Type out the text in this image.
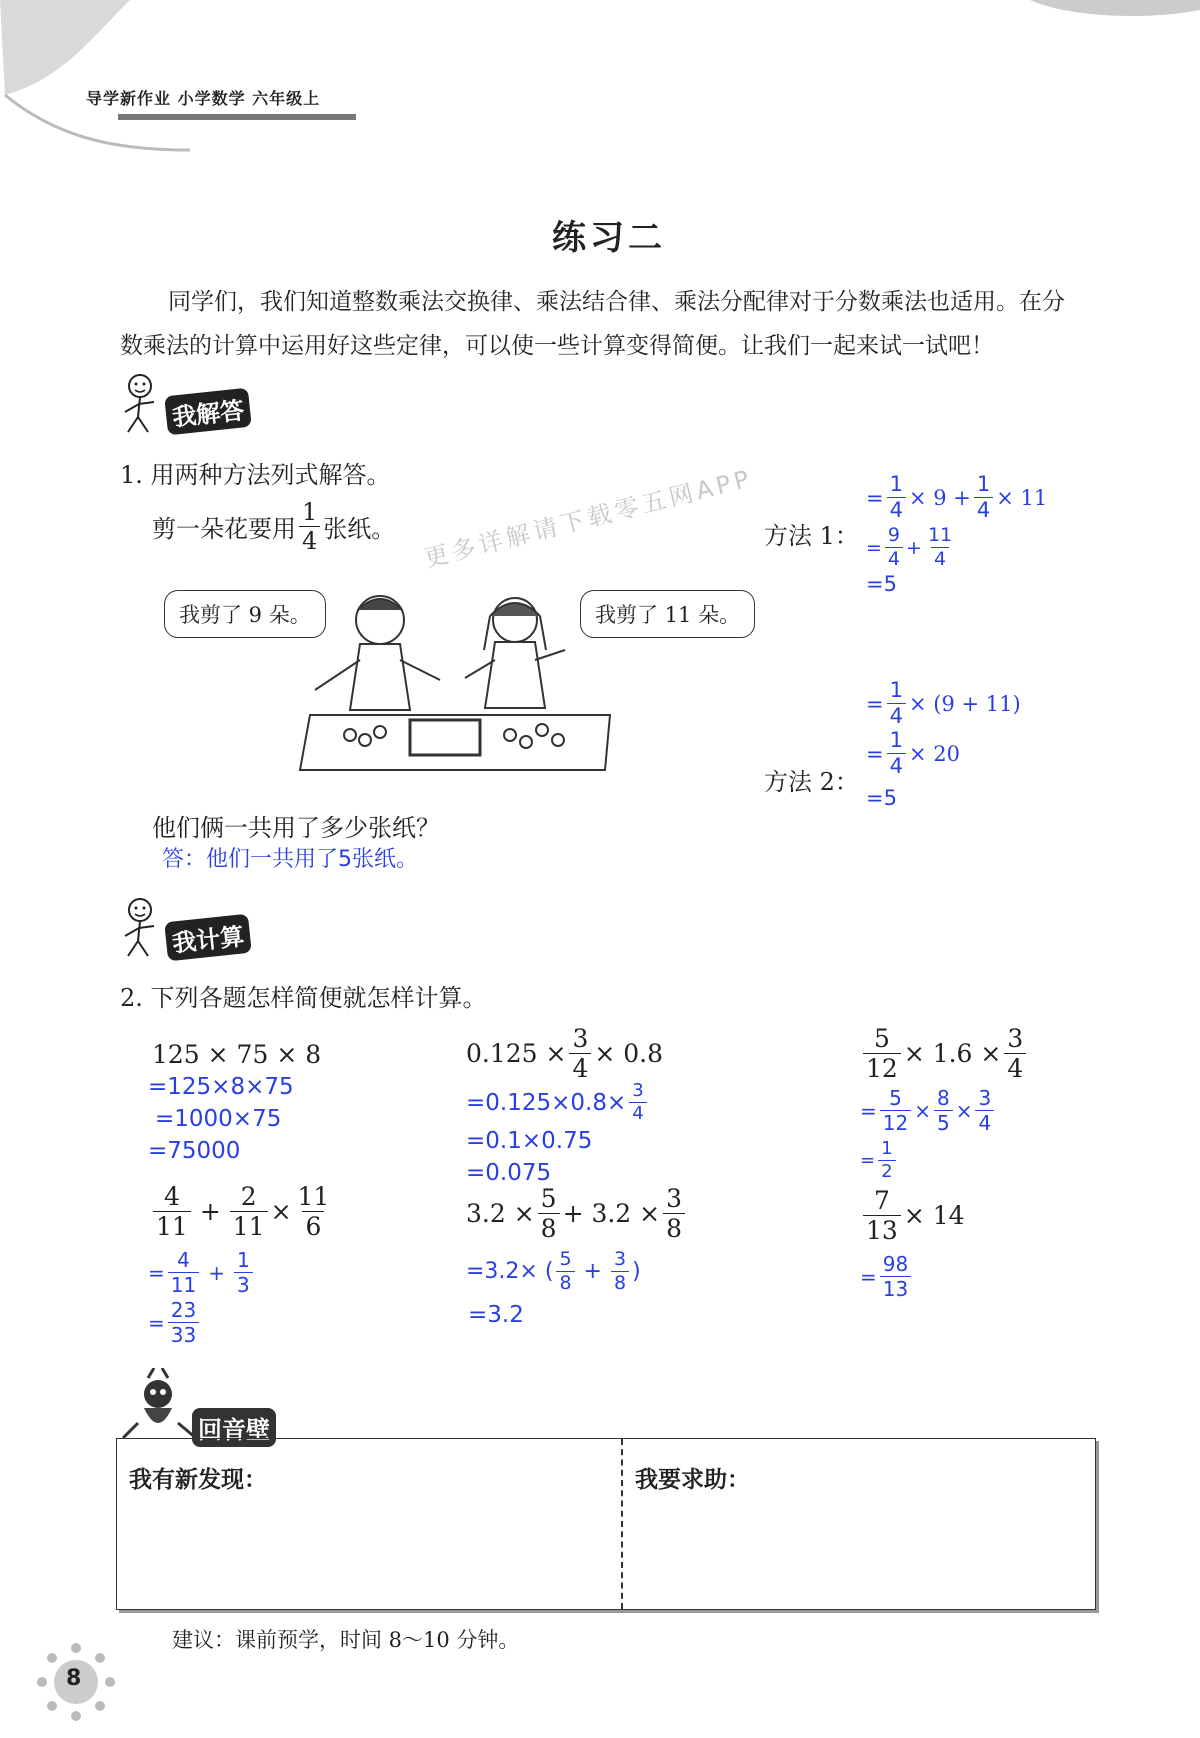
导学新作业 小学数学 六年级上
练习二
同学们，我们知道整数乘法交换律、乘法结合律、乘法分配律对于分数乘法也适用。在分
数乘法的计算中运用好这些定律，可以使一些计算变得简便。让我们一起来试一试吧！
我解答
1. 用两种方法列式解答。
剪一朵花要用 $\frac{1}{4}$ 张纸。 更多详解请下载零五网APP 方法 1：
= $\frac{1}{4} \times 9 + \frac{1}{4} \times 11$
= $\frac{9}{4} + \frac{11}{4}$
=5
我剪了 9 朵。	我剪了 11 朵。
= $\frac{1}{4} \times (9 + 11)$
= $\frac{1}{4} \times 20$
方法 2：
=5
他们俩一共用了多少张纸？
答：他们一共用了5张纸。
我计算
2. 下列各题怎样简便就怎样计算。
125 × 75 × 8
=125×8×75
=1000×75
=75000
$0.125 \times \frac{3}{4} \times 0.8$
$=0.125\times 0.8\times \frac{3}{4}$
=0.1×0.75
=0.075
$\frac{5}{12} \times 1.6 \times \frac{3}{4}$
= $\frac{5}{12} \times \frac{8}{5} \times \frac{3}{4}$
= $\frac{1}{2}$
$\frac{4}{11} + \frac{2}{11} \times \frac{11}{6}$
= $\frac{4}{11} + \frac{1}{3}$
= $\frac{23}{33}$
$3.2 \times \frac{5}{8} + 3.2 \times \frac{3}{8}$
=3.2× ( $\frac{5}{8} + \frac{3}{8}$ )
=3.2
$\frac{7}{13} \times 14$
= $\frac{98}{13}$
回音壁
我有新发现：	我要求助：
建议：课前预学，时间 8～10 分钟。
8
